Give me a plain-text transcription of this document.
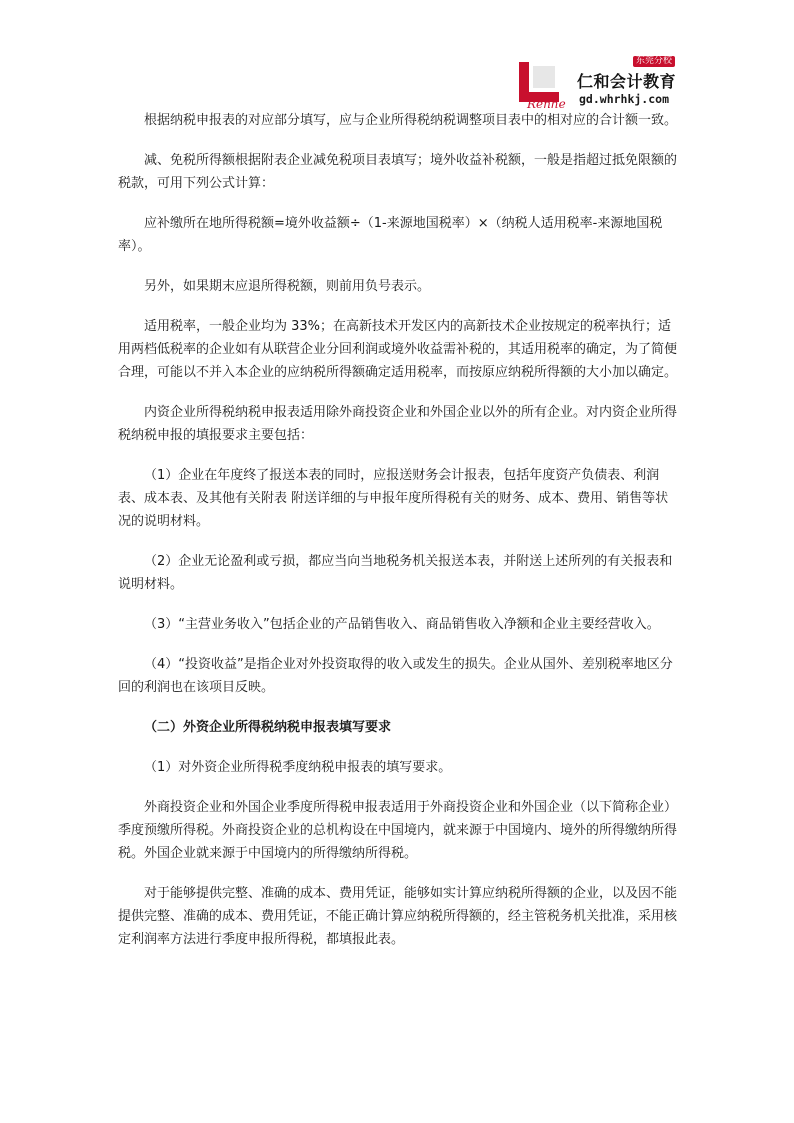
Renhe
东莞分校
仁和会计教育
gd.whrhkj.com

根据纳税申报表的对应部分填写，应与企业所得税纳税调整项目表中的相对应的合计额一致。

减、免税所得额根据附表企业减免税项目表填写；境外收益补税额，一般是指超过抵免限额的税款，可用下列公式计算：

应补缴所在地所得税额=境外收益额÷（1-来源地国税率）×（纳税人适用税率-来源地国税率）。

另外，如果期末应退所得税额，则前用负号表示。

适用税率，一般企业均为 33%；在高新技术开发区内的高新技术企业按规定的税率执行；适用两档低税率的企业如有从联营企业分回利润或境外收益需补税的，其适用税率的确定，为了简便合理，可能以不并入本企业的应纳税所得额确定适用税率，而按原应纳税所得额的大小加以确定。

内资企业所得税纳税申报表适用除外商投资企业和外国企业以外的所有企业。对内资企业所得税纳税申报的填报要求主要包括：

（1）企业在年度终了报送本表的同时，应报送财务会计报表，包括年度资产负债表、利润表、成本表、及其他有关附表 附送详细的与申报年度所得税有关的财务、成本、费用、销售等状况的说明材料。

（2）企业无论盈利或亏损，都应当向当地税务机关报送本表，并附送上述所列的有关报表和说明材料。

（3）“主营业务收入”包括企业的产品销售收入、商品销售收入净额和企业主要经营收入。

（4）“投资收益”是指企业对外投资取得的收入或发生的损失。企业从国外、差别税率地区分回的利润也在该项目反映。

（二）外资企业所得税纳税申报表填写要求

（1）对外资企业所得税季度纳税申报表的填写要求。

外商投资企业和外国企业季度所得税申报表适用于外商投资企业和外国企业（以下简称企业）季度预缴所得税。外商投资企业的总机构设在中国境内，就来源于中国境内、境外的所得缴纳所得税。外国企业就来源于中国境内的所得缴纳所得税。

对于能够提供完整、准确的成本、费用凭证，能够如实计算应纳税所得额的企业，以及因不能提供完整、准确的成本、费用凭证，不能正确计算应纳税所得额的，经主管税务机关批准，采用核定利润率方法进行季度申报所得税，都填报此表。
